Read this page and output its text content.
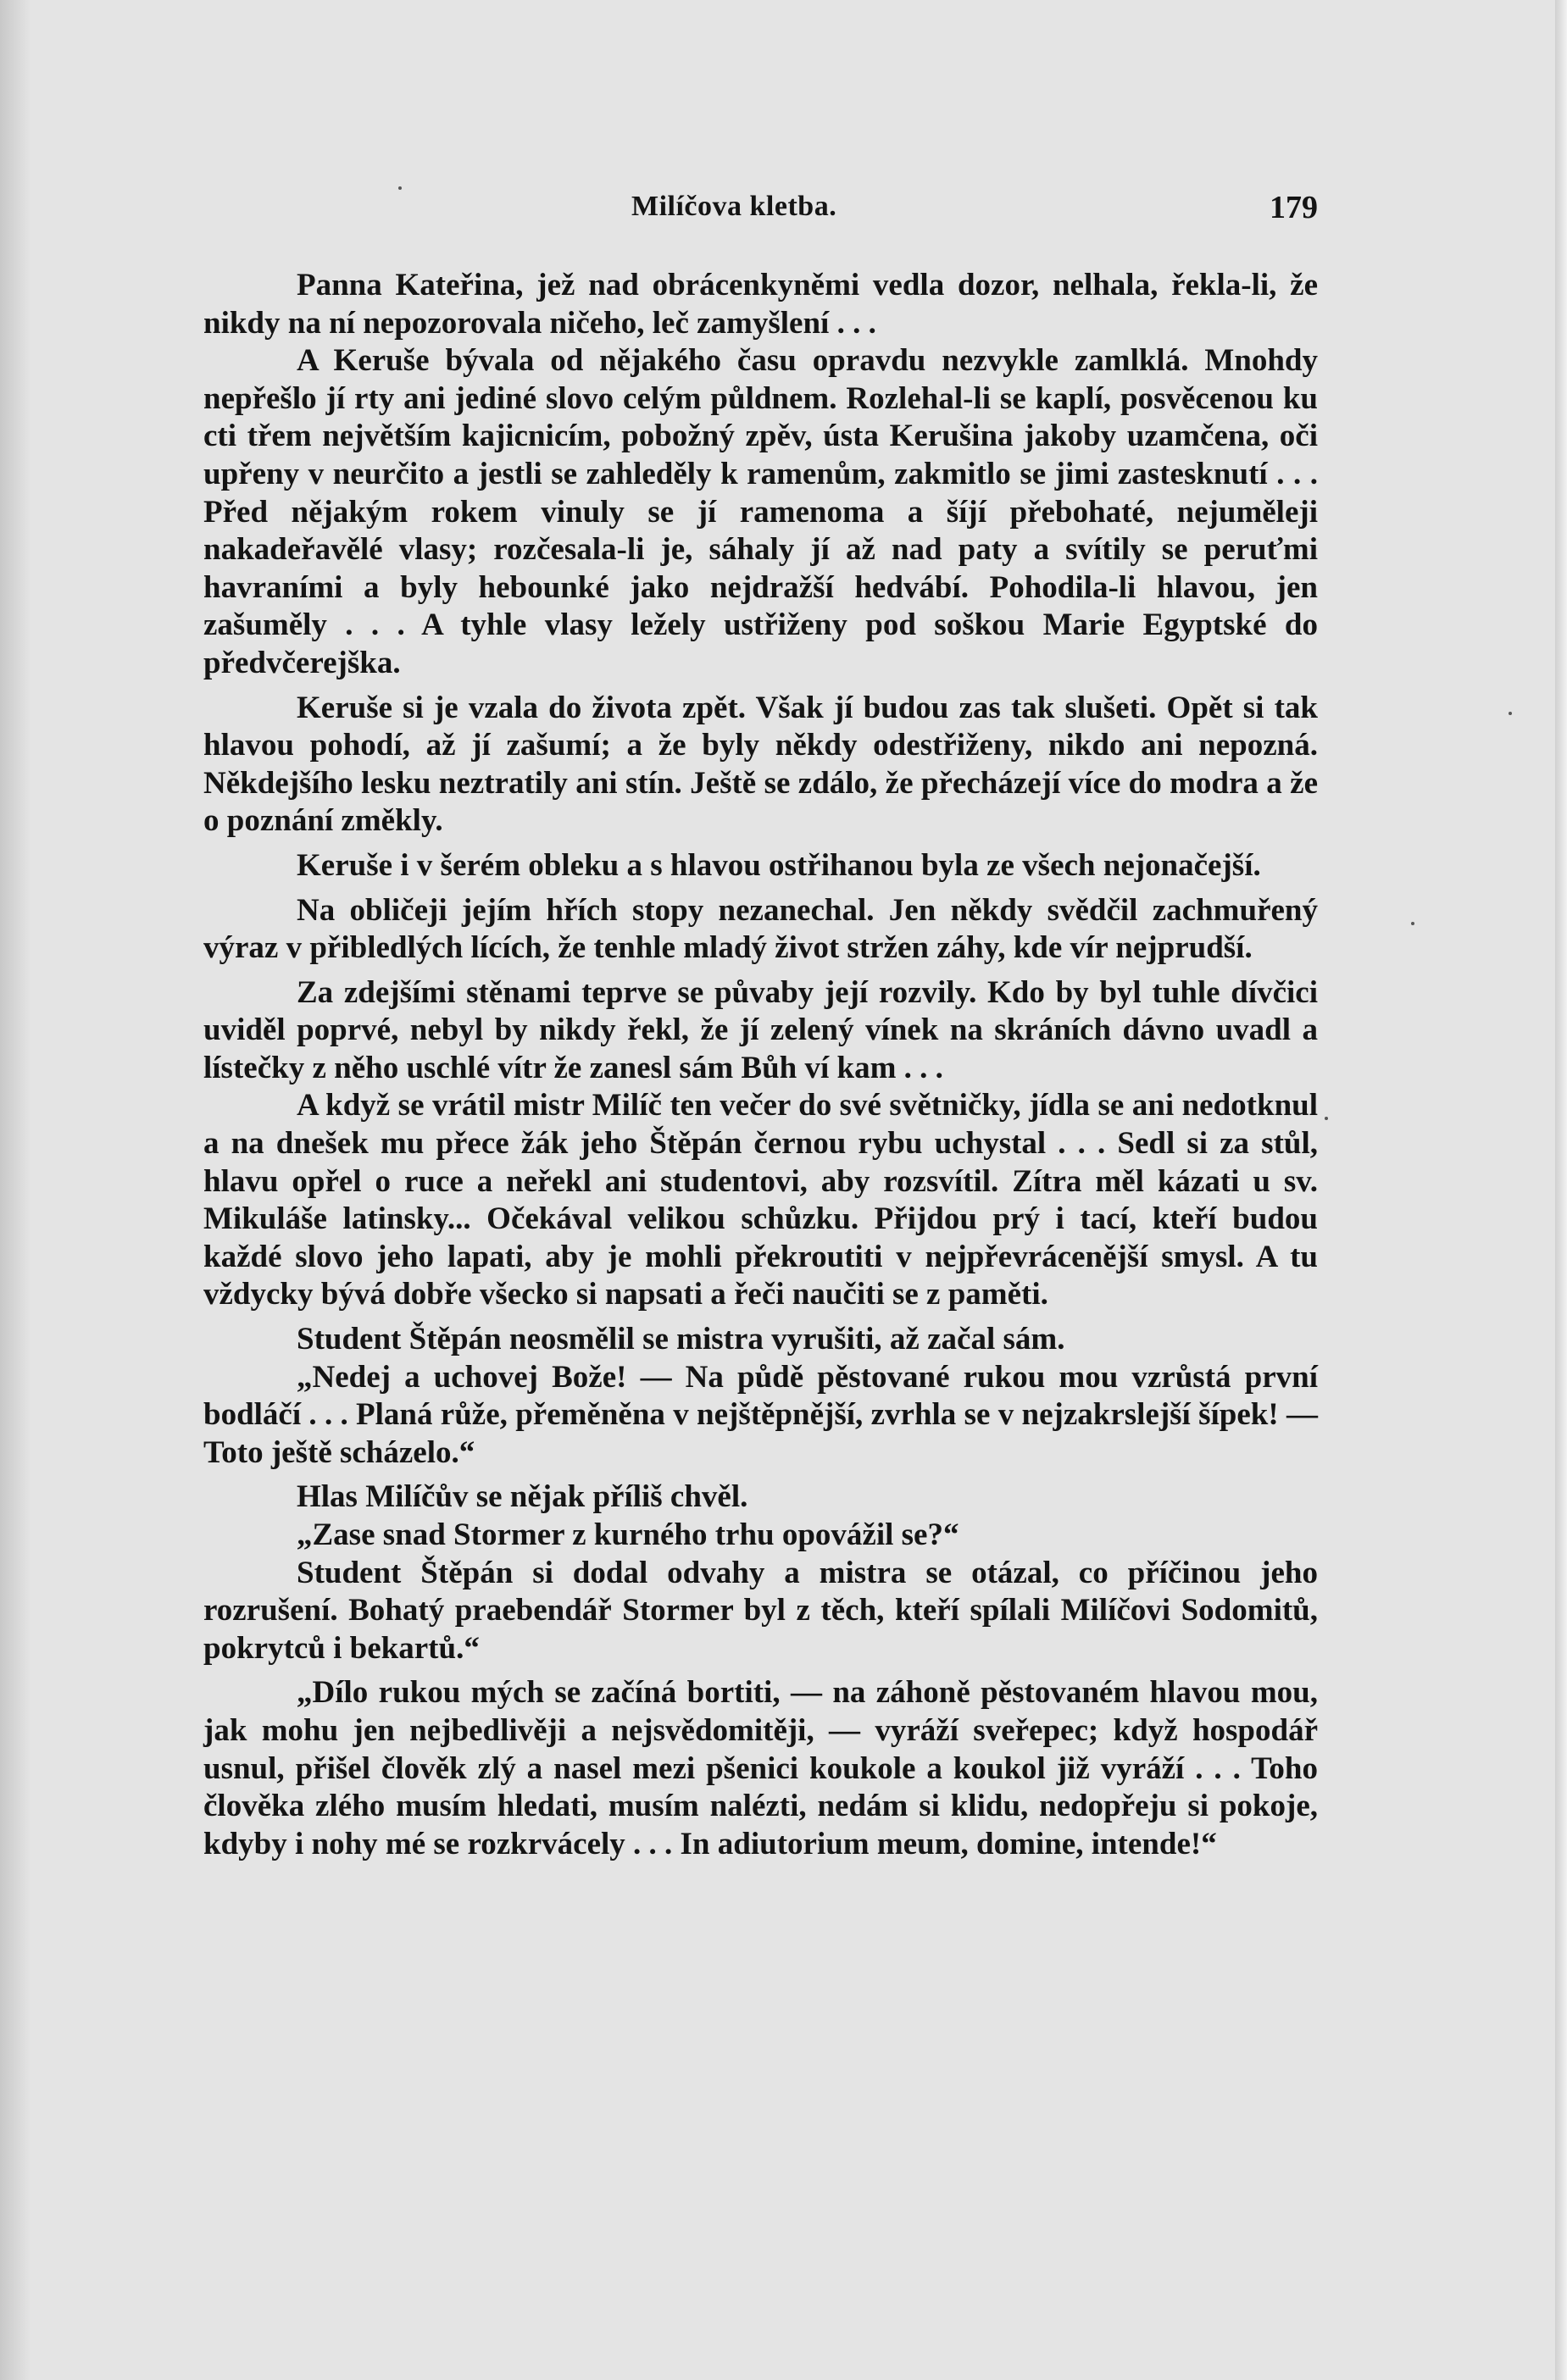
Milíčova kletba.	179

Panna Kateřina, jež nad obrácenkyněmi vedla dozor, nelhala, řekla-li, že nikdy na ní nepozorovala ničeho, leč zamyšlení . . .

A Keruše bývala od nějakého času opravdu nezvykle zamlklá. Mnohdy nepřešlo jí rty ani jediné slovo celým půldnem. Rozlehal-li se kaplí, posvěcenou ku cti třem největším kajicnicím, pobožný zpěv, ústa Kerušina jakoby uzamčena, oči upřeny v neurčito a jestli se zahleděly k ramenům, zakmitlo se jimi zastesknutí . . . Před nějakým rokem vinuly se jí ramenoma a šíjí přebohaté, nejuměleji nakadeřavělé vlasy; rozčesala-li je, sáhaly jí až nad paty a svítily se peruťmi havraními a byly hebounké jako nejdražší hedvábí. Pohodila-li hlavou, jen zašuměly . . . A tyhle vlasy ležely ustřiženy pod soškou Marie Egyptské do předvčerejška.

Keruše si je vzala do života zpět. Však jí budou zas tak slušeti. Opět si tak hlavou pohodí, až jí zašumí; a že byly někdy odestřiženy, nikdo ani nepozná. Někdejšího lesku neztratily ani stín. Ještě se zdálo, že přecházejí více do modra a že o poznání změkly.

Keruše i v šerém obleku a s hlavou ostřihanou byla ze všech nejonačejší.

Na obličeji jejím hřích stopy nezanechal. Jen někdy svědčil zachmuřený výraz v přibledlých lících, že tenhle mladý život stržen záhy, kde vír nejprudší.

Za zdejšími stěnami teprve se půvaby její rozvily. Kdo by byl tuhle dívčici uviděl poprvé, nebyl by nikdy řekl, že jí zelený vínek na skráních dávno uvadl a lístečky z něho uschlé vítr že zanesl sám Bůh ví kam . . .

A když se vrátil mistr Milíč ten večer do své světničky, jídla se ani nedotknul a na dnešek mu přece žák jeho Štěpán černou rybu uchystal . . . Sedl si za stůl, hlavu opřel o ruce a neřekl ani studentovi, aby rozsvítil. Zítra měl kázati u sv. Mikuláše latinsky... Očekával velikou schůzku. Přijdou prý i tací, kteří budou každé slovo jeho lapati, aby je mohli překroutiti v nejpřevrácenější smysl. A tu vždycky bývá dobře všecko si napsati a řeči naučiti se z paměti.

Student Štěpán neosmělil se mistra vyrušiti, až začal sám.

„Nedej a uchovej Bože! — Na půdě pěstované rukou mou vzrůstá první bodláčí . . . Planá růže, přeměněna v nejštěpnější, zvrhla se v nejzakrslejší šípek! — Toto ještě scházelo.“

Hlas Milíčův se nějak příliš chvěl.

„Zase snad Stormer z kurného trhu opovážil se?“

Student Štěpán si dodal odvahy a mistra se otázal, co příčinou jeho rozrušení. Bohatý praebendář Stormer byl z těch, kteří spílali Milíčovi Sodomitů, pokrytců i bekartů.“

„Dílo rukou mých se začíná bortiti, — na záhoně pěstovaném hlavou mou, jak mohu jen nejbedlivěji a nejsvědomitěji, — vyráží sveřepec; když hospodář usnul, přišel člověk zlý a nasel mezi pšenici koukole a koukol již vyráží . . . Toho člověka zlého musím hledati, musím nalézti, nedám si klidu, nedopřeju si pokoje, kdyby i nohy mé se rozkrvácely . . . In adiutorium meum, domine, intende!“
